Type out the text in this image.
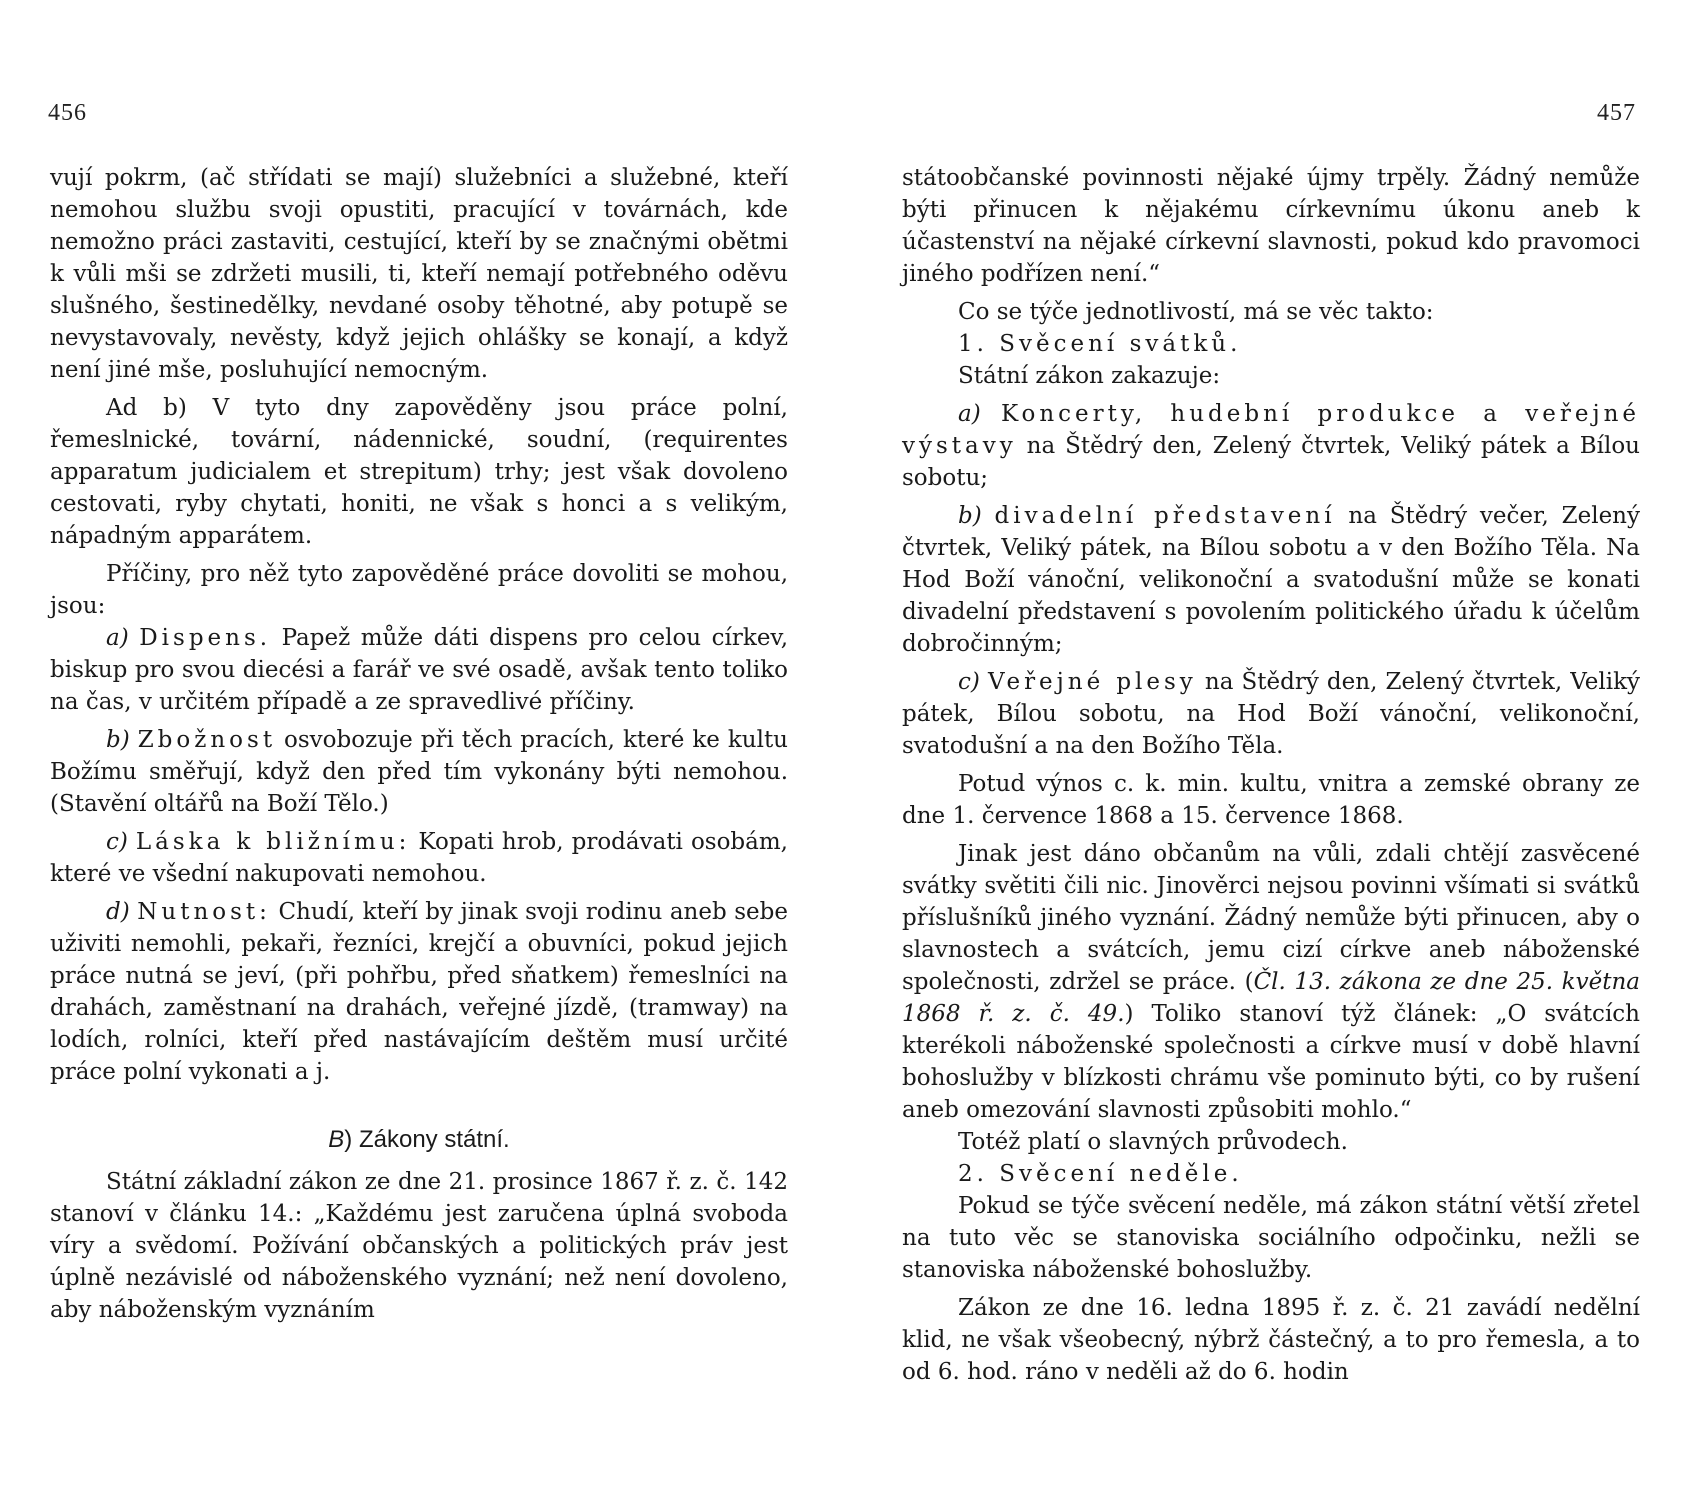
456

vují pokrm, (ač střídati se mají) služebníci a služebné, kteří nemohou službu svoji opustiti, pracující v továrnách, kde nemožno práci zastaviti, cestující, kteří by se značnými obětmi k vůli mši se zdržeti musili, ti, kteří nemají potřebného oděvu slušného, šestinedělky, nevdané osoby těhotné, aby potupě se nevystavovaly, nevěsty, když jejich ohlášky se konají, a když není jiné mše, posluhující nemocným.

Ad b) V tyto dny zapověděny jsou práce polní, řemeslnické, tovární, nádennické, soudní, (requirentes apparatum judicialem et strepitum) trhy; jest však dovoleno cestovati, ryby chytati, honiti, ne však s honci a s velikým, nápadným apparátem.

Příčiny, pro něž tyto zapověděné práce dovoliti se mohou, jsou:

a) Dispens. Papež může dáti dispens pro celou církev, biskup pro svou diecési a farář ve své osadě, avšak tento toliko na čas, v určitém případě a ze spravedlivé příčiny.

b) Zbožnost osvobozuje při těch pracích, které ke kultu Božímu směřují, když den před tím vykonány býti nemohou. (Stavění oltářů na Boží Tělo.)

c) Láska k bližnímu: Kopati hrob, prodávati osobám, které ve všední nakupovati nemohou.

d) Nutnost: Chudí, kteří by jinak svoji rodinu aneb sebe uživiti nemohli, pekaři, řezníci, krejčí a obuvníci, pokud jejich práce nutná se jeví, (při pohřbu, před sňatkem) řemeslníci na drahách, zaměstnaní na drahách, veřejné jízdě, (tramway) na lodích, rolníci, kteří před nastávajícím deštěm musí určité práce polní vykonati a j.

B) Zákony státní.

Státní základní zákon ze dne 21. prosince 1867 ř. z. č. 142 stanoví v článku 14.: „Každému jest zaručena úplná svoboda víry a svědomí. Požívání občanských a politických práv jest úplně nezávislé od náboženského vyznání; než není dovoleno, aby náboženským vyznáním

457

státoobčanské povinnosti nějaké újmy trpěly. Žádný nemůže býti přinucen k nějakému církevnímu úkonu aneb k účastenství na nějaké církevní slavnosti, pokud kdo pravomoci jiného podřízen není.“

Co se týče jednotlivostí, má se věc takto:

1. Svěcení svátků.

Státní zákon zakazuje:

a) Koncerty, hudební produkce a veřejné výstavy na Štědrý den, Zelený čtvrtek, Veliký pátek a Bílou sobotu;

b) divadelní představení na Štědrý večer, Zelený čtvrtek, Veliký pátek, na Bílou sobotu a v den Božího Těla. Na Hod Boží vánoční, velikonoční a svatodušní může se konati divadelní představení s povolením politického úřadu k účelům dobročinným;

c) Veřejné plesy na Štědrý den, Zelený čtvrtek, Veliký pátek, Bílou sobotu, na Hod Boží vánoční, velikonoční, svatodušní a na den Božího Těla.

Potud výnos c. k. min. kultu, vnitra a zemské obrany ze dne 1. července 1868 a 15. července 1868.

Jinak jest dáno občanům na vůli, zdali chtějí zasvěcené svátky světiti čili nic. Jinověrci nejsou povinni všímati si svátků příslušníků jiného vyznání. Žádný nemůže býti přinucen, aby o slavnostech a svátcích, jemu cizí církve aneb náboženské společnosti, zdržel se práce. (Čl. 13. zákona ze dne 25. května 1868 ř. z. č. 49.) Toliko stanoví týž článek: „O svátcích kterékoli náboženské společnosti a církve musí v době hlavní bohoslužby v blízkosti chrámu vše pominuto býti, co by rušení aneb omezování slavnosti způsobiti mohlo.“

Totéž platí o slavných průvodech.

2. Svěcení neděle.

Pokud se týče svěcení neděle, má zákon státní větší zřetel na tuto věc se stanoviska sociálního odpočinku, nežli se stanoviska náboženské bohoslužby.

Zákon ze dne 16. ledna 1895 ř. z. č. 21 zavádí nedělní klid, ne však všeobecný, nýbrž částečný, a to pro řemesla, a to od 6. hod. ráno v neděli až do 6. hodin
